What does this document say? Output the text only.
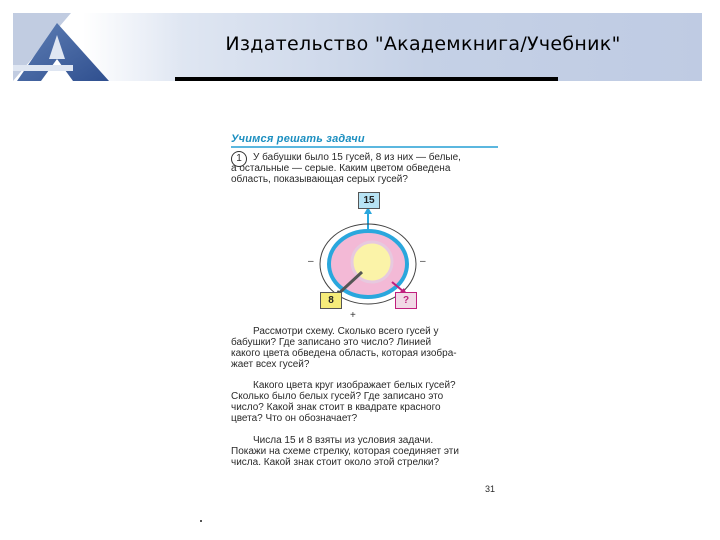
Издательство "Академкнига/Учебник"
Учимся решать задачи
1	У бабушки было 15 гусей, 8 из них — белые,
а остальные — серые. Каким цветом обведена
область, показывающая серых гусей?

15
8	?
–	–
+

Рассмотри схему. Сколько всего гусей у
бабушки? Где записано это число? Линией
какого цвета обведена область, которая изобра-
жает всех гусей?

Какого цвета круг изображает белых гусей?
Сколько было белых гусей? Где записано это
число? Какой знак стоит в квадрате красного
цвета? Что он обозначает?

Числа 15 и 8 взяты из условия задачи.
Покажи на схеме стрелку, которая соединяет эти
числа. Какой знак стоит около этой стрелки?

31
